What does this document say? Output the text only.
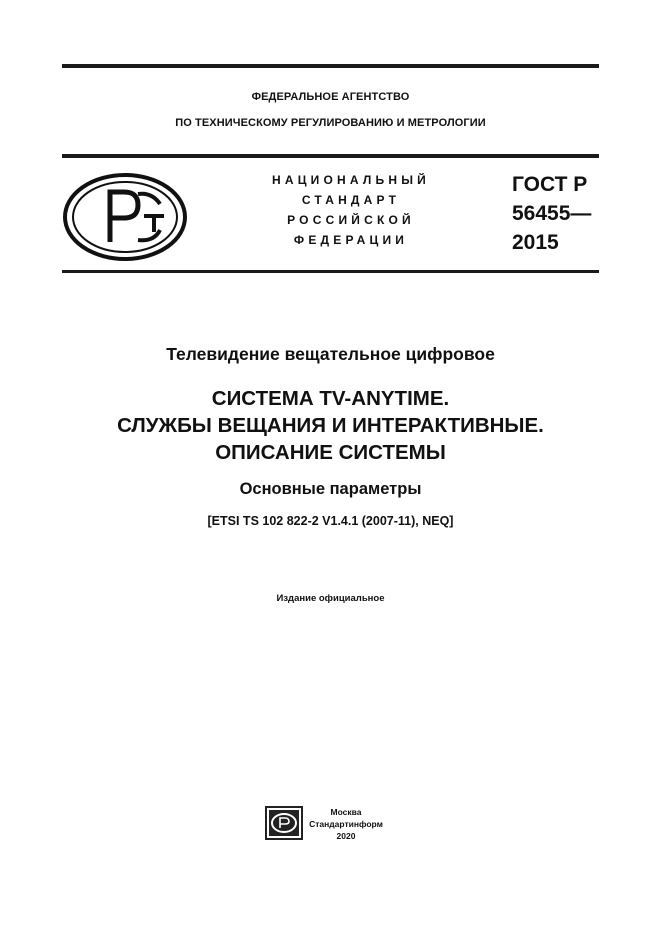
ФЕДЕРАЛЬНОЕ АГЕНТСТВО
ПО ТЕХНИЧЕСКОМУ РЕГУЛИРОВАНИЮ И МЕТРОЛОГИИ
НАЦИОНАЛЬНЫЙ
СТАНДАРТ
РОССИЙСКОЙ
ФЕДЕРАЦИИ
ГОСТ Р
56455—
2015
Телевидение вещательное цифровое
СИСТЕМА TV-ANYTIME.
СЛУЖБЫ ВЕЩАНИЯ И ИНТЕРАКТИВНЫЕ.
ОПИСАНИЕ СИСТЕМЫ
Основные параметры
[ETSI TS 102 822-2 V1.4.1 (2007-11), NEQ]
Издание официальное
Москва
Стандартинформ
2020
